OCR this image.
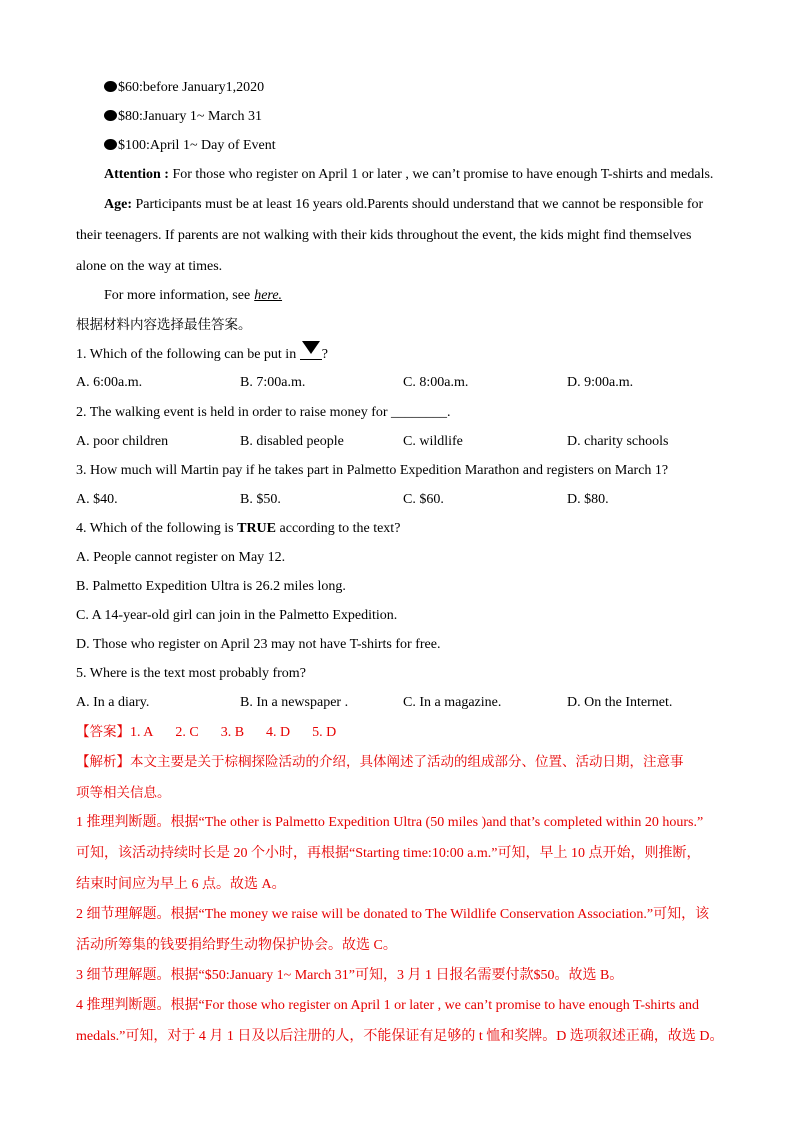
$60:before January1,2020
$80:January 1~ March 31
$100:April 1~ Day of Event
Attention : For those who register on April 1 or later , we can’t promise to have enough T-shirts and medals.
Age: Participants must be at least 16 years old.Parents should understand that we cannot be responsible for
their teenagers. If parents are not walking with their kids throughout the event, the kids might find themselves
alone on the way at times.
For more information, see here.
根据材料内容选择最佳答案。
1. Which of the following can be put in
?
A. 6:00a.m.	B. 7:00a.m.	C. 8:00a.m.	D. 9:00a.m.
2. The walking event is held in order to raise money for ________.
A. poor children	B. disabled people	C. wildlife	D. charity schools
3. How much will Martin pay if he takes part in Palmetto Expedition Marathon and registers on March 1?
A. $40.	B. $50.	C. $60.	D. $80.
4. Which of the following is TRUE according to the text?
A. People cannot register on May 12.
B. Palmetto Expedition Ultra is 26.2 miles long.
C. A 14-year-old girl can join in the Palmetto Expedition.
D. Those who register on April 23 may not have T-shirts for free.
5. Where is the text most probably from?
A. In a diary.	B. In a newspaper .	C. In a magazine.	D. On the Internet.
【答案】1. A 2. C 3. B 4. D 5. D
【解析】本文主要是关于棕榈探险活动的介绍，具体阐述了活动的组成部分、位置、活动日期，注意事
项等相关信息。
1 推理判断题。根据“The other is Palmetto Expedition Ultra (50 miles )and that’s completed within 20 hours.”
可知，该活动持续时长是 20 个小时，再根据“Starting time:10:00 a.m.”可知，早上 10 点开始，则推断，
结束时间应为早上 6 点。故选 A。
2 细节理解题。根据“The money we raise will be donated to The Wildlife Conservation Association.”可知，该
活动所筹集的钱要捐给野生动物保护协会。故选 C。
3 细节理解题。根据“$50:January 1~ March 31”可知，3 月 1 日报名需要付款$50。故选 B。
4 推理判断题。根据“For those who register on April 1 or later , we can’t promise to have enough T-shirts and
medals.”可知，对于 4 月 1 日及以后注册的人，不能保证有足够的 t 恤和奖牌。D 选项叙述正确，故选 D。
